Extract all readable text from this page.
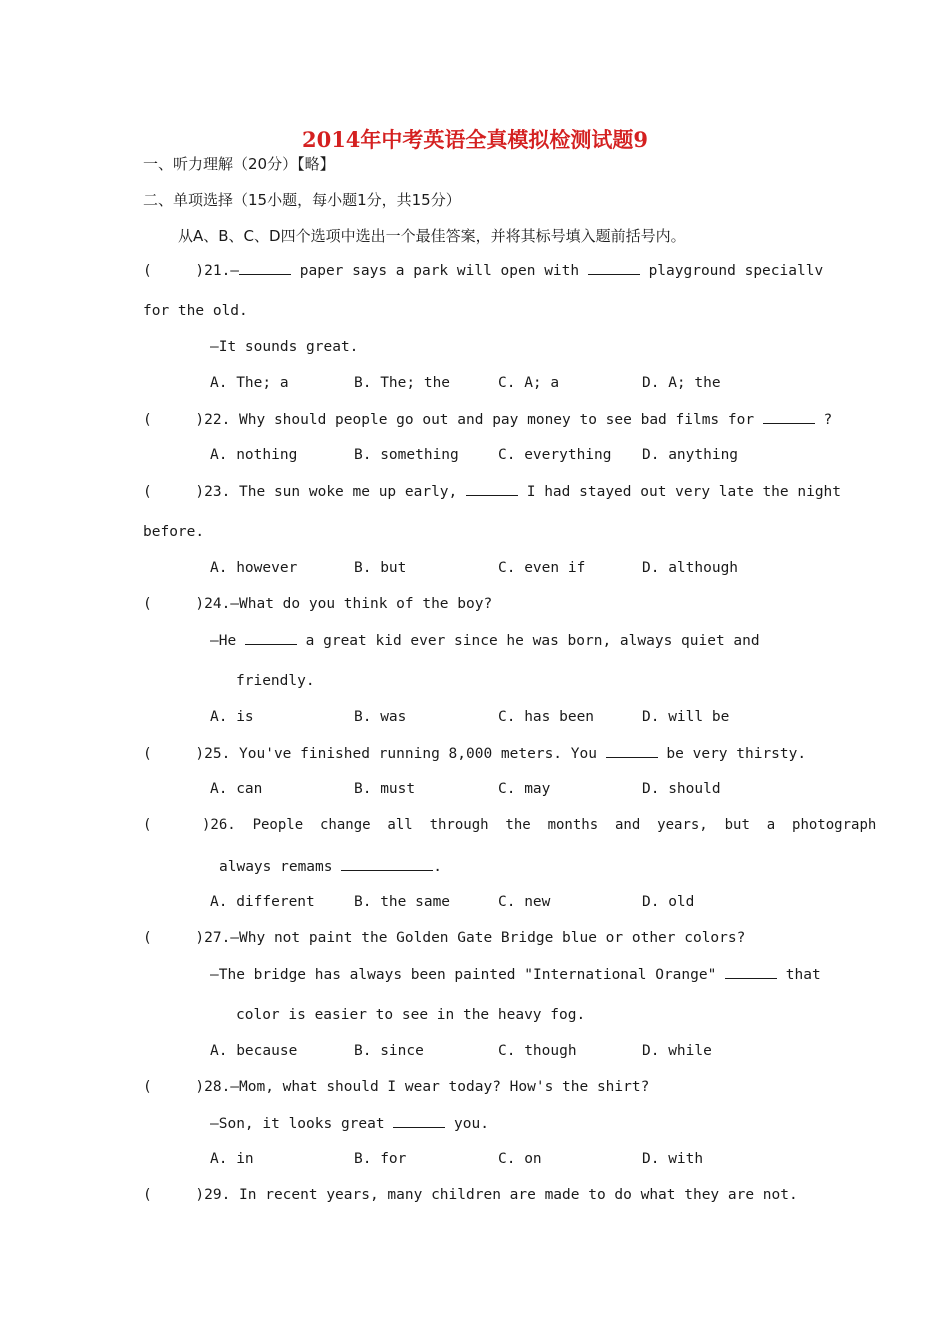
2014年中考英语全真模拟检测试题9
一、听力理解（20分）【略】
二、单项选择（15小题，每小题1分，共15分）
从A、B、C、D四个选项中选出一个最佳答案，并将其标号填入题前括号内。
(     )21.—	paper says a park will open with	playground speciallv
for the old.
—It sounds great.
A. The; a	B. The; the	C. A; a	D. A; the
(     )22. Why should people go out and pay money to see bad films for	?
A. nothing	B. something	C. everything D. anything
(     )23. The sun woke me up early,	I had stayed out very late the night
before.
A. however	B. but	C. even if	D. although
(     )24.—What do you think of the boy?
—He	a great kid ever since he was born, always quiet and
friendly.
A. is	B. was	C. has been	D. will be
(     )25. You've finished running 8,000 meters. You	be very thirsty.
A. can	B. must	C. may	D. should
(      )26.  People  change  all  through  the  months  and  years,  but  a  photograph
always remams	.
A. different	B. the same	C. new	D. old
(     )27.—Why not paint the Golden Gate Bridge blue or other colors?
—The bridge has always been painted "International Orange"	that
color is easier to see in the heavy fog.
A. because	B. since	C. though	D. while
(     )28.—Mom, what should I wear today? How's the shirt?
—Son, it looks great	you.
A. in	B. for	C. on	D. with
(     )29. In recent years, many children are made to do what they are not.
